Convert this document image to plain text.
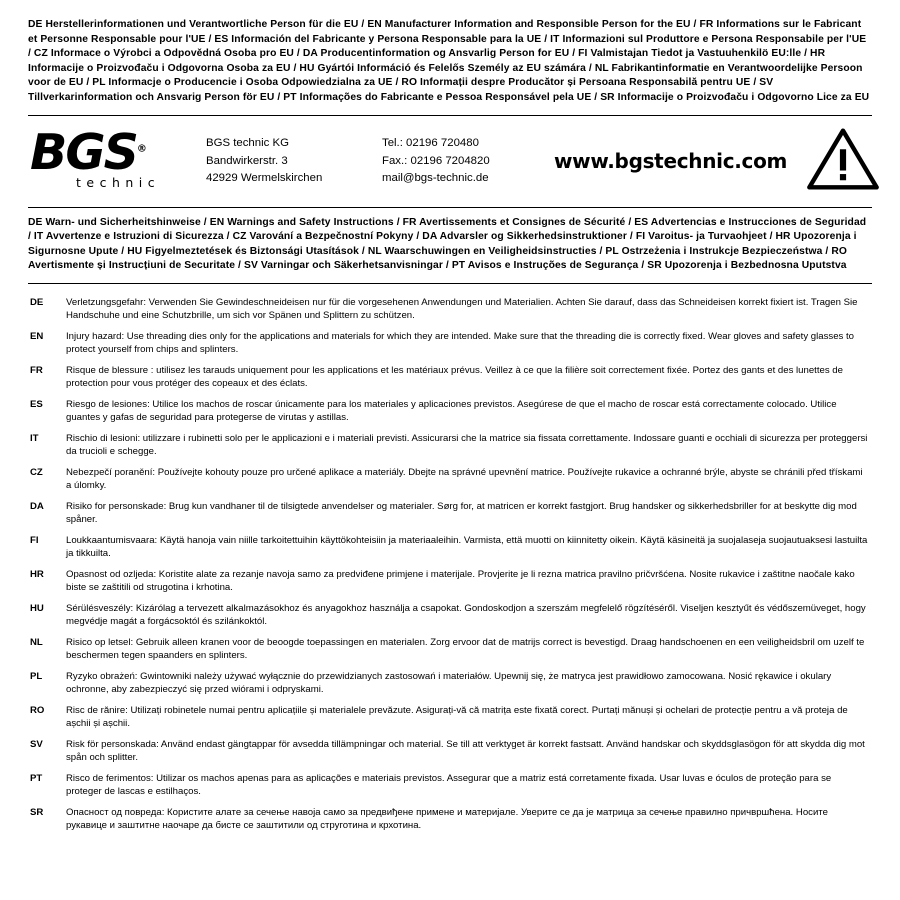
DE Herstellerinformationen und Verantwortliche Person für die EU / EN Manufacturer Information and Responsible Person for the EU / FR Informations sur le Fabricant et Personne Responsable pour l'UE / ES Información del Fabricante y Persona Responsable para la UE / IT Informazioni sul Produttore e Persona Responsabile per l'UE / CZ Informace o Výrobci a Odpovědná Osoba pro EU / DA Producentinformation og Ansvarlig Person for EU / FI Valmistajan Tiedot ja Vastuuhenkilö EU:lle / HR Informacije o Proizvođaču i Odgovorna Osoba za EU / HU Gyártói Információ és Felelős Személy az EU számára / NL Fabrikantinformatie en Verantwoordelijke Persoon voor de EU / PL Informacje o Producencie i Osoba Odpowiedzialna za UE / RO Informații despre Producător și Persoana Responsabilă pentru UE / SV Tillverkarinformation och Ansvarig Person för EU / PT Informações do Fabricante e Pessoa Responsável pela UE / SR Informacije o Proizvođaču i Odgovorno Lice za EU
BGS®
technic
BGS technic KG
Bandwirkerstr. 3
42929 Wermelskirchen
Tel.: 02196 720480
Fax.: 02196 7204820
mail@bgs-technic.de
www.bgstechnic.com
DE Warn- und Sicherheitshinweise / EN Warnings and Safety Instructions / FR Avertissements et Consignes de Sécurité / ES Advertencias e Instrucciones de Seguridad / IT Avvertenze e Istruzioni di Sicurezza / CZ Varování a Bezpečnostní Pokyny / DA Advarsler og Sikkerhedsinstruktioner / FI Varoitus- ja Turvaohjeet / HR Upozorenja i Sigurnosne Upute / HU Figyelmeztetések és Biztonsági Utasítások / NL Waarschuwingen en Veiligheidsinstructies / PL Ostrzeżenia i Instrukcje Bezpieczeństwa / RO Avertismente și Instrucțiuni de Securitate / SV Varningar och Säkerhetsanvisningar / PT Avisos e Instruções de Segurança / SR Upozorenja i Bezbednosna Uputstva
DE	Verletzungsgefahr: Verwenden Sie Gewindeschneideisen nur für die vorgesehenen Anwendungen und Materialien. Achten Sie darauf, dass das Schneideisen korrekt fixiert ist. Tragen Sie Handschuhe und eine Schutzbrille, um sich vor Spänen und Splittern zu schützen.
EN	Injury hazard: Use threading dies only for the applications and materials for which they are intended. Make sure that the threading die is correctly fixed. Wear gloves and safety glasses to protect yourself from chips and splinters.
FR	Risque de blessure : utilisez les tarauds uniquement pour les applications et les matériaux prévus. Veillez à ce que la filière soit correctement fixée. Portez des gants et des lunettes de protection pour vous protéger des copeaux et des éclats.
ES	Riesgo de lesiones: Utilice los machos de roscar únicamente para los materiales y aplicaciones previstos. Asegúrese de que el macho de roscar está correctamente colocado. Utilice guantes y gafas de seguridad para protegerse de virutas y astillas.
IT	Rischio di lesioni: utilizzare i rubinetti solo per le applicazioni e i materiali previsti. Assicurarsi che la matrice sia fissata correttamente. Indossare guanti e occhiali di sicurezza per proteggersi da trucioli e schegge.
CZ	Nebezpečí poranění: Používejte kohouty pouze pro určené aplikace a materiály. Dbejte na správné upevnění matrice. Používejte rukavice a ochranné brýle, abyste se chránili před třískami a úlomky.
DA	Risiko for personskade: Brug kun vandhaner til de tilsigtede anvendelser og materialer. Sørg for, at matricen er korrekt fastgjort. Brug handsker og sikkerhedsbriller for at beskytte dig mod spåner.
FI	Loukkaantumisvaara: Käytä hanoja vain niille tarkoitettuihin käyttökohteisiin ja materiaaleihin. Varmista, että muotti on kiinnitetty oikein. Käytä käsineitä ja suojalaseja suojautuaksesi lastuilta ja tikkuilta.
HR	Opasnost od ozljeda: Koristite alate za rezanje navoja samo za predviđene primjene i materijale. Provjerite je li rezna matrica pravilno pričvršćena. Nosite rukavice i zaštitne naočale kako biste se zaštitili od strugotina i krhotina.
HU	Sérülésveszély: Kizárólag a tervezett alkalmazásokhoz és anyagokhoz használja a csapokat. Gondoskodjon a szerszám megfelelő rögzítéséről. Viseljen kesztyűt és védőszemüveget, hogy megvédje magát a forgácsoktól és szilánkoktól.
NL	Risico op letsel: Gebruik alleen kranen voor de beoogde toepassingen en materialen. Zorg ervoor dat de matrijs correct is bevestigd. Draag handschoenen en een veiligheidsbril om uzelf te beschermen tegen spaanders en splinters.
PL	Ryzyko obrażeń: Gwintowniki należy używać wyłącznie do przewidzianych zastosowań i materiałów. Upewnij się, że matryca jest prawidłowo zamocowana. Nosić rękawice i okulary ochronne, aby zabezpieczyć się przed wiórami i odpryskami.
RO	Risc de rănire: Utilizați robinetele numai pentru aplicațiile și materialele prevăzute. Asigurați-vă că matrița este fixată corect. Purtați mănuși și ochelari de protecție pentru a vă proteja de așchii și așchii.
SV	Risk för personskada: Använd endast gängtappar för avsedda tillämpningar och material. Se till att verktyget är korrekt fastsatt. Använd handskar och skyddsglasögon för att skydda dig mot spån och splitter.
PT	Risco de ferimentos: Utilizar os machos apenas para as aplicações e materiais previstos. Assegurar que a matriz está corretamente fixada. Usar luvas e óculos de proteção para se proteger de lascas e estilhaços.
SR	Опасност од повреда: Користите алате за сечење навоја само за предвиђене примене и материјале. Уверите се да је матрица за сечење правилно причвршћена. Носите рукавице и заштитне наочаре да бисте се заштитили од струготина и крхотина.
